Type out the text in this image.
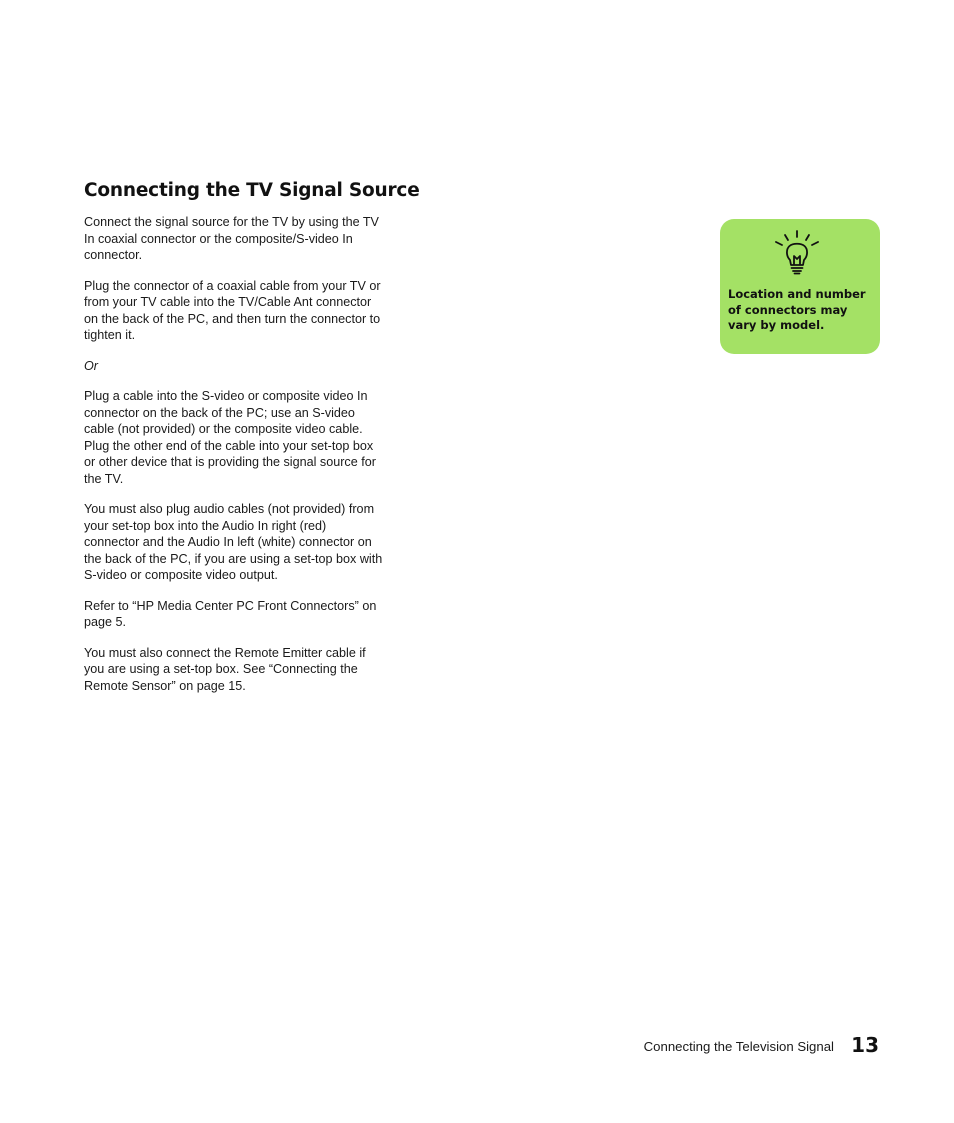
Connecting the TV Signal Source

Connect the signal source for the TV by using the TV In coaxial connector or the composite/S-video In connector.

Plug the connector of a coaxial cable from your TV or from your TV cable into the TV/Cable Ant connector on the back of the PC, and then turn the connector to tighten it.

Or

Plug a cable into the S-video or composite video In connector on the back of the PC; use an S-video cable (not provided) or the composite video cable. Plug the other end of the cable into your set-top box or other device that is providing the signal source for the TV.

You must also plug audio cables (not provided) from your set-top box into the Audio In right (red) connector and the Audio In left (white) connector on the back of the PC, if you are using a set-top box with S-video or composite video output.

Refer to “HP Media Center PC Front Connectors” on page 5.

You must also connect the Remote Emitter cable if you are using a set-top box. See “Connecting the Remote Sensor” on page 15.

Location and number of connectors may vary by model.
Connecting the Television Signal 13
